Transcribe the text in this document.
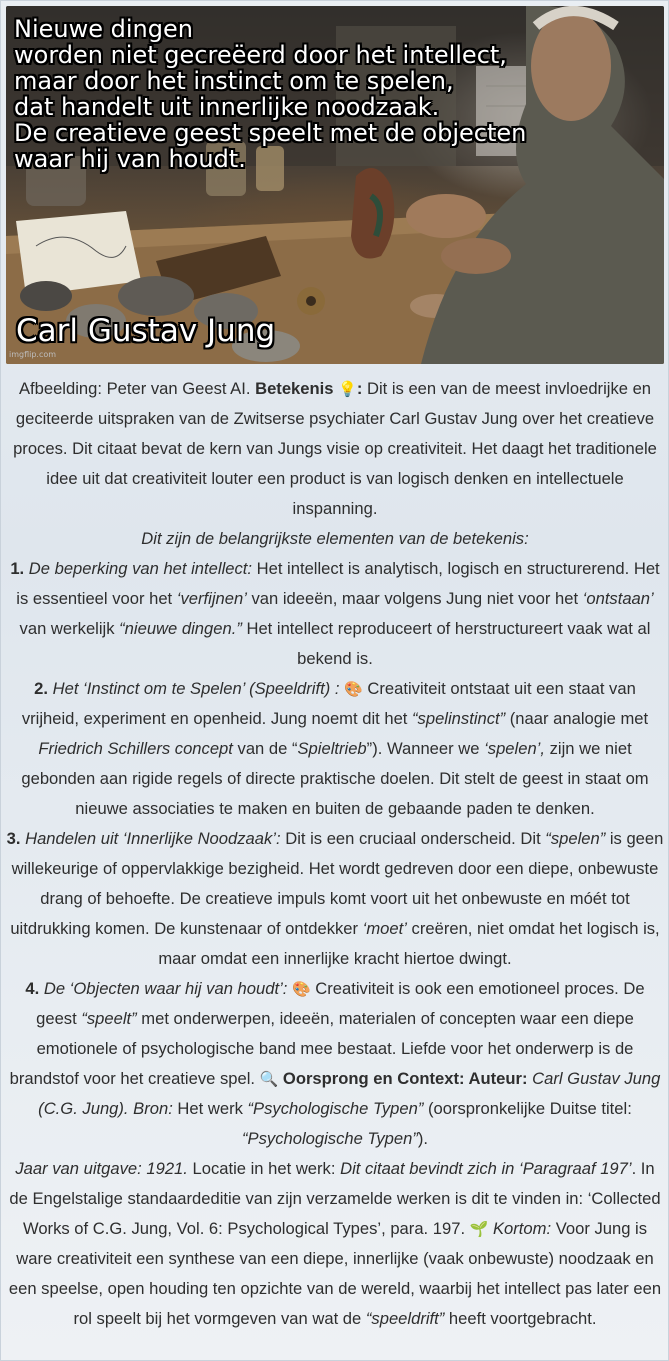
Nieuwe dingen
worden niet gecreëerd door het intellect,
maar door het instinct om te spelen,
dat handelt uit innerlijke noodzaak.
De creatieve geest speelt met de objecten
waar hij van houdt.

Carl Gustav Jung

imgflip.com

Afbeelding: Peter van Geest AI. Betekenis 💡: Dit is een van de meest invloedrijke en geciteerde uitspraken van de Zwitserse psychiater Carl Gustav Jung over het creatieve proces. Dit citaat bevat de kern van Jungs visie op creativiteit. Het daagt het traditionele idee uit dat creativiteit louter een product is van logisch denken en intellectuele inspanning.

Dit zijn de belangrijkste elementen van de betekenis:

1. De beperking van het intellect: Het intellect is analytisch, logisch en structurerend. Het is essentieel voor het ‘verfijnen’ van ideeën, maar volgens Jung niet voor het ‘ontstaan’ van werkelijk “nieuwe dingen.” Het intellect reproduceert of herstructureert vaak wat al bekend is.

2. Het ‘Instinct om te Spelen’ (Speeldrift) : 🎨 Creativiteit ontstaat uit een staat van vrijheid, experiment en openheid. Jung noemt dit het “spelinstinct” (naar analogie met Friedrich Schillers concept van de “Spieltrieb”). Wanneer we ‘spelen’, zijn we niet gebonden aan rigide regels of directe praktische doelen. Dit stelt de geest in staat om nieuwe associaties te maken en buiten de gebaande paden te denken.

3. Handelen uit ‘Innerlijke Noodzaak’: Dit is een cruciaal onderscheid. Dit “spelen” is geen willekeurige of oppervlakkige bezigheid. Het wordt gedreven door een diepe, onbewuste drang of behoefte. De creatieve impuls komt voort uit het onbewuste en móét tot uitdrukking komen. De kunstenaar of ontdekker ‘moet’ creëren, niet omdat het logisch is, maar omdat een innerlijke kracht hiertoe dwingt.

4. De ‘Objecten waar hij van houdt’: 🎨 Creativiteit is ook een emotioneel proces. De geest “speelt” met onderwerpen, ideeën, materialen of concepten waar een diepe emotionele of psychologische band mee bestaat. Liefde voor het onderwerp is de brandstof voor het creatieve spel. 🔍 Oorsprong en Context: Auteur: Carl Gustav Jung (C.G. Jung). Bron: Het werk “Psychologische Typen” (oorspronkelijke Duitse titel: “Psychologische Typen”).

Jaar van uitgave: 1921. Locatie in het werk: Dit citaat bevindt zich in ‘Paragraaf 197’. In de Engelstalige standaardeditie van zijn verzamelde werken is dit te vinden in: ‘Collected Works of C.G. Jung, Vol. 6: Psychological Types’, para. 197. 🌱 Kortom: Voor Jung is ware creativiteit een synthese van een diepe, innerlijke (vaak onbewuste) noodzaak en een speelse, open houding ten opzichte van de wereld, waarbij het intellect pas later een rol speelt bij het vormgeven van wat de “speeldrift” heeft voortgebracht.
